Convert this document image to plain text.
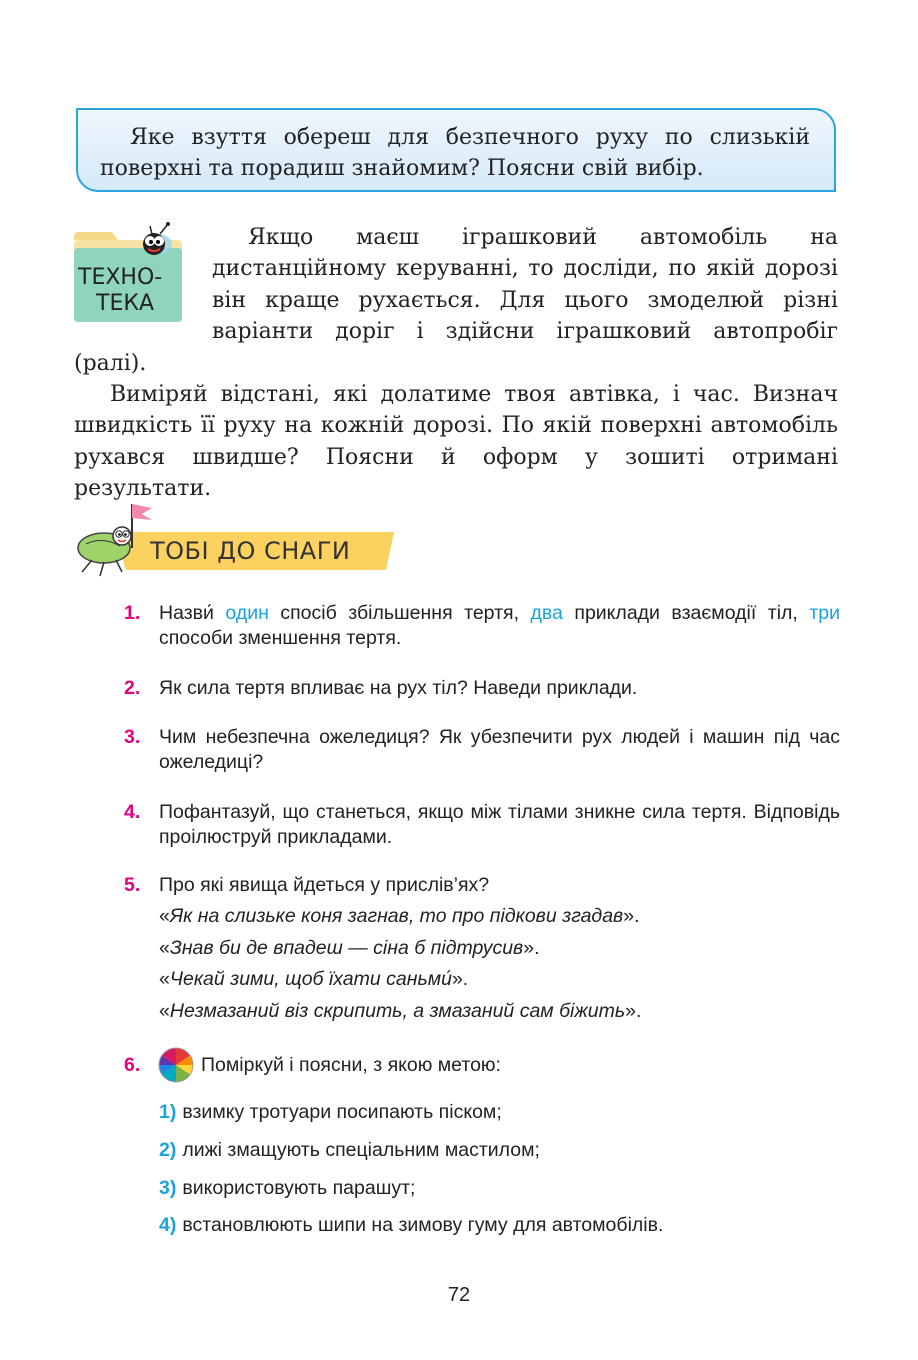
Яке взуття обереш для безпечного руху по слизькій поверхні та порадиш знайомим? Поясни свій вибір.
ТЕХНО-
ТЕКА
Якщо маєш іграшковий автомобіль на дистанційному керуванні, то досліди, по якій дорозі він краще рухається. Для цього змоделюй різні варіанти доріг і здійсни іграшковий автопробіг (ралі).
Виміряй відстані, які долатиме твоя автівка, і час. Визнач швидкість її руху на кожній дорозі. По якій поверхні автомобіль рухався швидше? Поясни й оформ у зошиті отримані результати.
ТОБІ ДО СНАГИ
1. Назви́ один спосіб збільшення тертя, два приклади взаємодії тіл, три способи зменшення тертя.
2. Як сила тертя впливає на рух тіл? Наведи приклади.
3. Чим небезпечна ожеледиця? Як убезпечити рух людей і машин під час ожеледиці?
4. Пофантазуй, що станеться, якщо між тілами зникне сила тертя. Відповідь проілюструй прикладами.
5. Про які явища йдеться у прислів’ях?
«Як на слизьке коня загнав, то про підкови згадав».
«Знав би де впадеш — сіна б підтрусив».
«Чекай зими, щоб їхати саньми́».
«Незмазаний віз скрипить, а змазаний сам біжить».
6.	Поміркуй і поясни, з якою метою:
1) взимку тротуари посипають піском;
2) лижі змащують спеціальним мастилом;
3) використовують парашут;
4) встановлюють шипи на зимову гуму для автомобілів.
72
